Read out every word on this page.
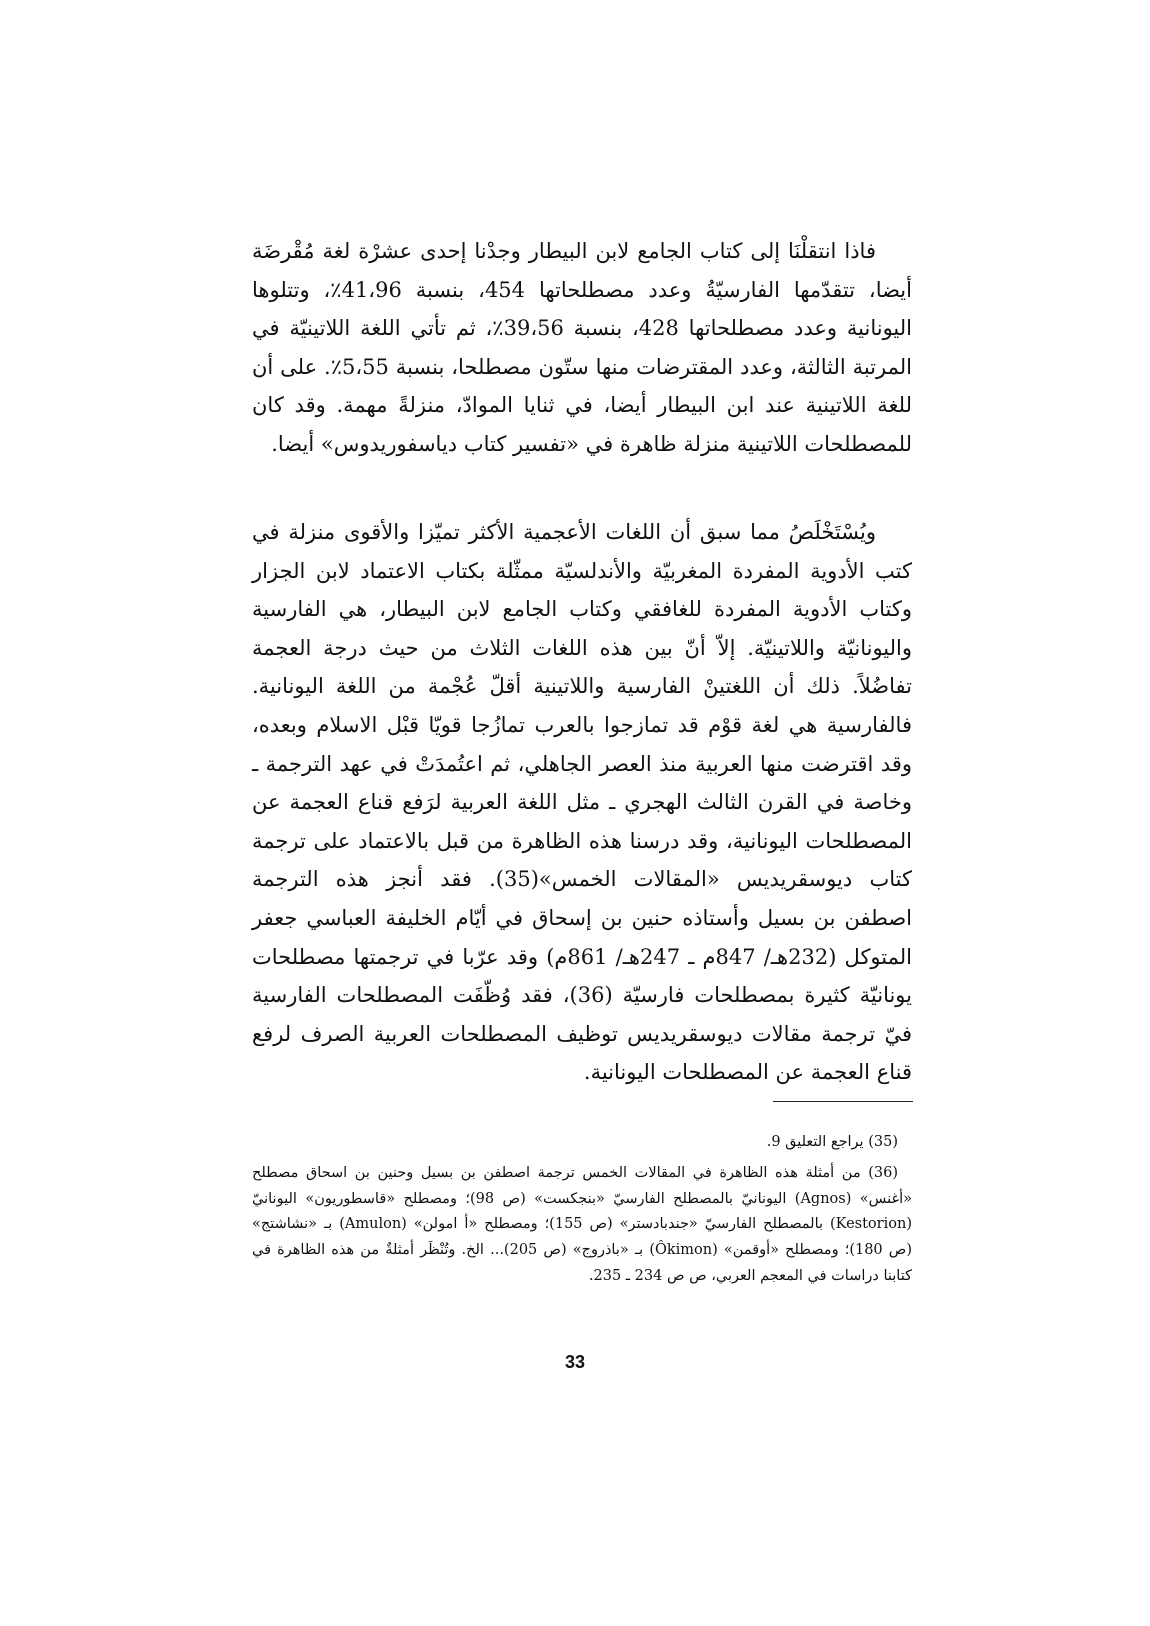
فاذا انتقلْنَا إلى كتاب الجامع لابن البيطار وجدْنا إحدى عشرْة لغة مُقْرضَة أيضا، تتقدّمها الفارسيّةُ وعدد مصطلحاتها 454، بنسبة 41،96٪، وتتلوها اليونانية وعدد مصطلحاتها 428، بنسبة 39،56٪، ثم تأتي اللغة اللاتينيّة في المرتبة الثالثة، وعدد المقترضات منها ستّون مصطلحا، بنسبة 5،55٪. على أن للغة اللاتينية عند ابن البيطار أيضا، في ثنايا الموادّ، منزلةً مهمة. وقد كان للمصطلحات اللاتينية منزلة ظاهرة في «تفسير كتاب دياسفوريدوس» أيضا.

ويُسْتَخْلَصُ مما سبق أن اللغات الأعجمية الأكثر تميّزا والأقوى منزلة في كتب الأدوية المفردة المغربيّة والأندلسيّة ممثّلة بكتاب الاعتماد لابن الجزار وكتاب الأدوية المفردة للغافقي وكتاب الجامع لابن البيطار، هي الفارسية واليونانيّة واللاتينيّة. إلاّ أنّ بين هذه اللغات الثلاث من حيث درجة العجمة تفاضُلاً. ذلك أن اللغتينْ الفارسية واللاتينية أقلّ عُجْمة من اللغة اليونانية. فالفارسية هي لغة قوْم قد تمازجوا بالعرب تمازُجا قويّا قبْل الاسلام وبعده، وقد اقترضت منها العربية منذ العصر الجاهلي، ثم اعتُمدَتْ في عهد الترجمة ـ وخاصة في القرن الثالث الهجري ـ مثل اللغة العربية لرَفع قناع العجمة عن المصطلحات اليونانية، وقد درسنا هذه الظاهرة من قبل بالاعتماد على ترجمة كتاب ديوسقريديس «المقالات الخمس»(35). فقد أنجز هذه الترجمة اصطفن بن بسيل وأستاذه حنين بن إسحاق في أيّام الخليفة العباسي جعفر المتوكل (232هـ/ 847م ـ 247هـ/ 861م) وقد عرّبا في ترجمتها مصطلحات يونانيّة كثيرة بمصطلحات فارسيّة (36)، فقد وُظّفَت المصطلحات الفارسية فيّ ترجمة مقالات ديوسقريديس توظيف المصطلحات العربية الصرف لرفع قناع العجمة عن المصطلحات اليونانية.

(35) يراجع التعليق 9.

(36) من أمثلة هذه الظاهرة في المقالات الخمس ترجمة اصطفن بن بسيل وحنين بن اسحاق مصطلح «أغنس» (Agnos) اليونانيّ بالمصطلح الفارسيّ «بنجكست» (ص 98)؛ ومصطلح «قاسطوريون» اليونانيّ (Kestorion) بالمصطلح الفارسيّ «جندبادستر» (ص 155)؛ ومصطلح «أ امولن» (Amulon) بـ «نشاشتج» (ص 180)؛ ومصطلح «أوقمن» (Ôkimon) بـ «باذروج» (ص 205)... الخ. وتُنْظَر أمثلةٌ من هذه الظاهرة في كتابنا دراسات في المعجم العربي، ص ص 234 ـ 235.

33
